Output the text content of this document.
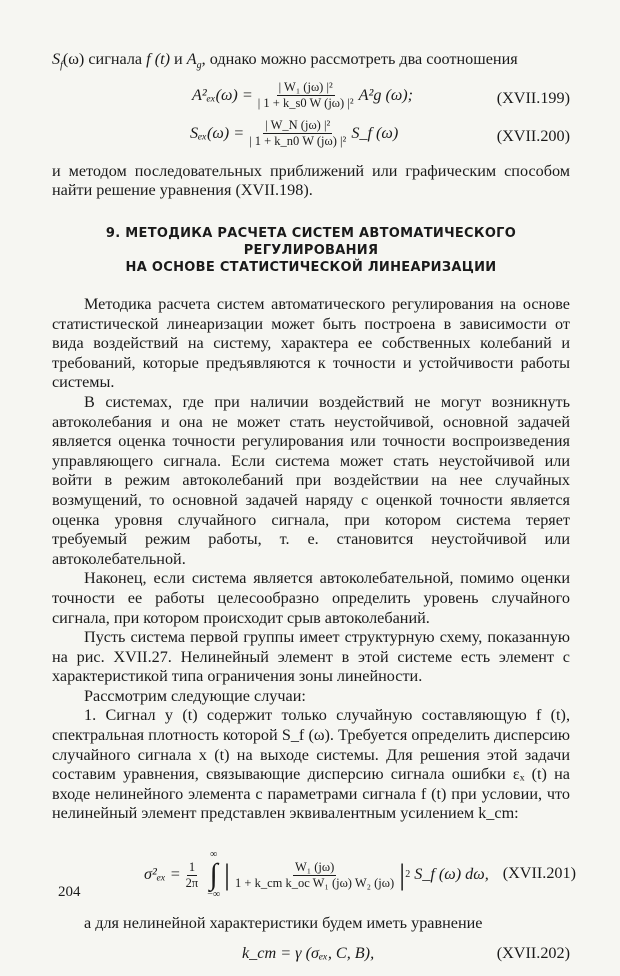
$S_f(\omega)$ сигнала f (t) и $A_g$, однако можно рассмотреть два соотношения

$A^2_{ex}(\omega) = \frac{\text{| W₁ (jω) |²}}{\text{| 1 + k\_s0 W (jω) |²}} A^2g$ (ω);	(XVII.199)
$S_{ex}(\omega) = \frac{\text{| W\_N (jω) |²}}{\text{| 1 + k\_n0 W (jω) |²}}$ S_f (ω)	(XVII.200)

и методом последовательных приближений или графическим способом найти решение уравнения (XVII.198).

9. МЕТОДИКА РАСЧЕТА СИСТЕМ АВТОМАТИЧЕСКОГО РЕГУЛИРОВАНИЯ
НА ОСНОВЕ СТАТИСТИЧЕСКОЙ ЛИНЕАРИЗАЦИИ

Методика расчета систем автоматического регулирования на основе статистической линеаризации может быть построена в зависимости от вида воздействий на систему, характера ее собственных колебаний и требований, которые предъявляются к точности и устойчивости работы системы.

В системах, где при наличии воздействий не могут возникнуть автоколебания и она не может стать неустойчивой, основной задачей является оценка точности регулирования или точности воспроизведения управляющего сигнала. Если система может стать неустойчивой или войти в режим автоколебаний при воздействии на нее случайных возмущений, то основной задачей наряду с оценкой точности является оценка уровня случайного сигнала, при котором система теряет требуемый режим работы, т. е. становится неустойчивой или автоколебательной.

Наконец, если система является автоколебательной, помимо оценки точности ее работы целесообразно определить уровень случайного сигнала, при котором происходит срыв автоколебаний.

Пусть система первой группы имеет структурную схему, показанную на рис. XVII.27. Нелинейный элемент в этой системе есть элемент с характеристикой типа ограничения зоны линейности.

Рассмотрим следующие случаи:

1. Сигнал y (t) содержит только случайную составляющую f (t), спектральная плотность которой S_f (ω). Требуется определить дисперсию случайного сигнала x (t) на выходе системы. Для решения этой задачи составим уравнения, связывающие дисперсию сигнала ошибки εₓ (t) на входе нелинейного элемента с параметрами сигнала f (t) при условии, что нелинейный элемент представлен эквивалентным усилением k_cm:

$\sigma^2_{ex} = \frac{1}{2\pi}$
∞
∫
−∞
| $\frac{\text{W₁ (jω)}}{\text{1 + k\_cm k\_oc W₁ (jω) W₂ (jω)}}$ | 2 S_f (ω) dω, (XVII.201)

а для нелинейной характеристики будем иметь уравнение

k_cm = γ (σₑₓ, C, B),	(XVII.202)
204
